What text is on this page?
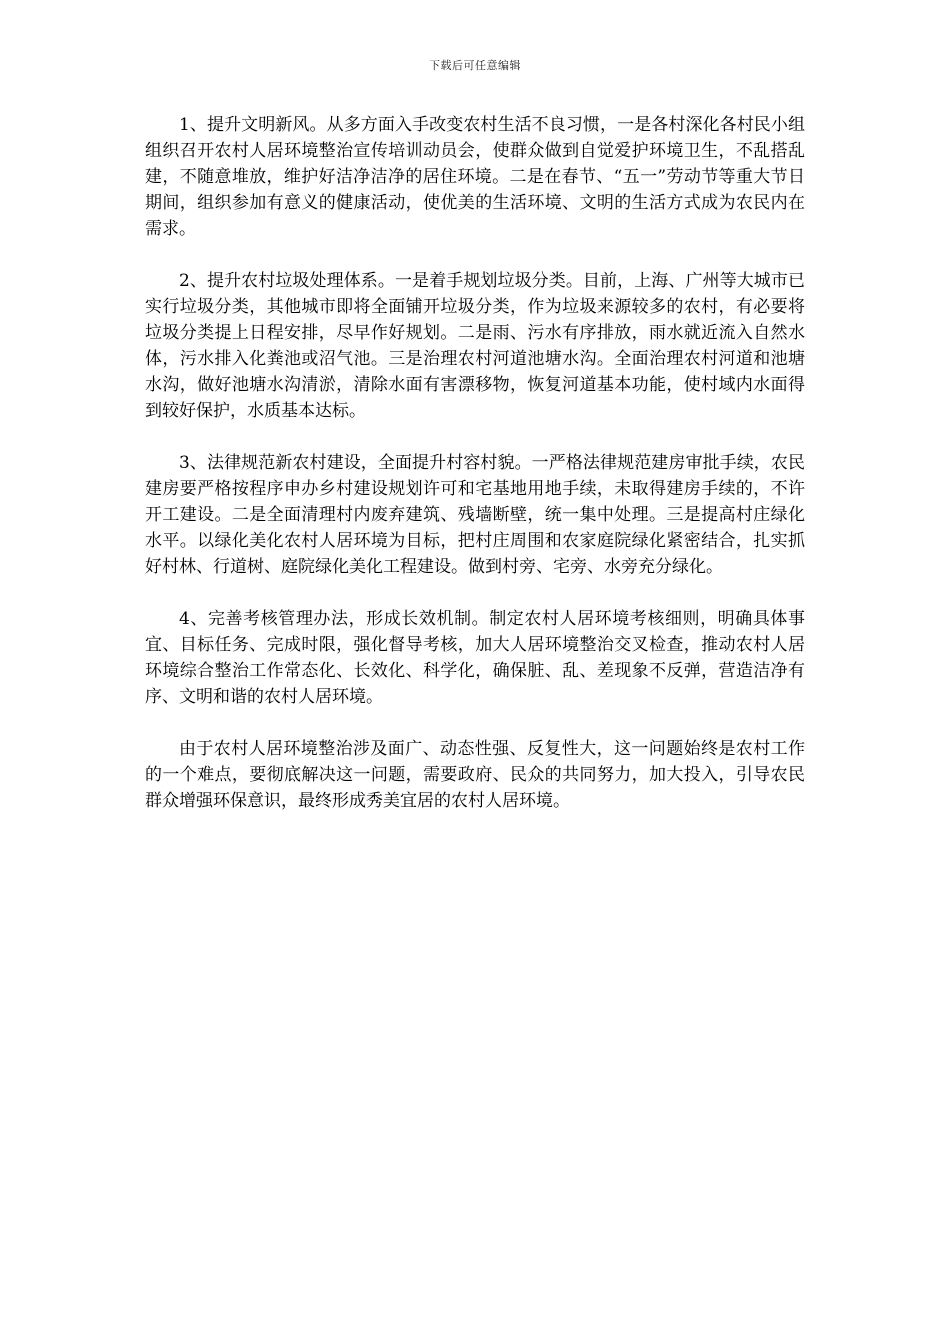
下载后可任意编辑

1、提升文明新风。从多方面入手改变农村生活不良习惯，一是各村深化各村民小组组织召开农村人居环境整治宣传培训动员会，使群众做到自觉爱护环境卫生，不乱搭乱建，不随意堆放，维护好洁净洁净的居住环境。二是在春节、“五一”劳动节等重大节日期间，组织参加有意义的健康活动，使优美的生活环境、文明的生活方式成为农民内在需求。

2、提升农村垃圾处理体系。一是着手规划垃圾分类。目前，上海、广州等大城市已实行垃圾分类，其他城市即将全面铺开垃圾分类，作为垃圾来源较多的农村，有必要将垃圾分类提上日程安排，尽早作好规划。二是雨、污水有序排放，雨水就近流入自然水体，污水排入化粪池或沼气池。三是治理农村河道池塘水沟。全面治理农村河道和池塘水沟，做好池塘水沟清淤，清除水面有害漂移物，恢复河道基本功能，使村域内水面得到较好保护，水质基本达标。

3、法律规范新农村建设，全面提升村容村貌。一严格法律规范建房审批手续，农民建房要严格按程序申办乡村建设规划许可和宅基地用地手续，未取得建房手续的，不许开工建设。二是全面清理村内废弃建筑、残墙断壁，统一集中处理。三是提高村庄绿化水平。以绿化美化农村人居环境为目标，把村庄周围和农家庭院绿化紧密结合，扎实抓好村林、行道树、庭院绿化美化工程建设。做到村旁、宅旁、水旁充分绿化。

4、完善考核管理办法，形成长效机制。制定农村人居环境考核细则，明确具体事宜、目标任务、完成时限，强化督导考核，加大人居环境整治交叉检查，推动农村人居环境综合整治工作常态化、长效化、科学化，确保脏、乱、差现象不反弹，营造洁净有序、文明和谐的农村人居环境。

由于农村人居环境整治涉及面广、动态性强、反复性大，这一问题始终是农村工作的一个难点，要彻底解决这一问题，需要政府、民众的共同努力，加大投入，引导农民群众增强环保意识，最终形成秀美宜居的农村人居环境。
